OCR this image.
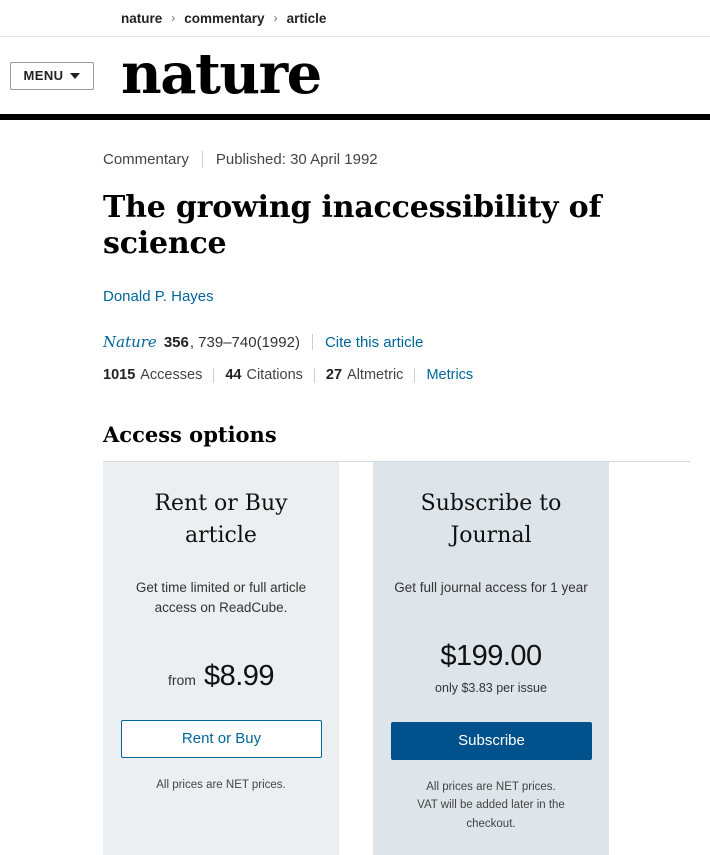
nature › commentary › article
MENU nature
Commentary Published: 30 April 1992
The growing inaccessibility of science
Donald P. Hayes
Nature 356 , 739–740(1992) Cite this article
1015 Accesses 44 Citations 27 Altmetric Metrics
Access options
Rent or Buy article
Get time limited or full article access on ReadCube.
from $8.99
Rent or Buy
All prices are NET prices.
Subscribe to Journal
Get full journal access for 1 year
$199.00
only $3.83 per issue
Subscribe
All prices are NET prices.
VAT will be added later in the checkout.
